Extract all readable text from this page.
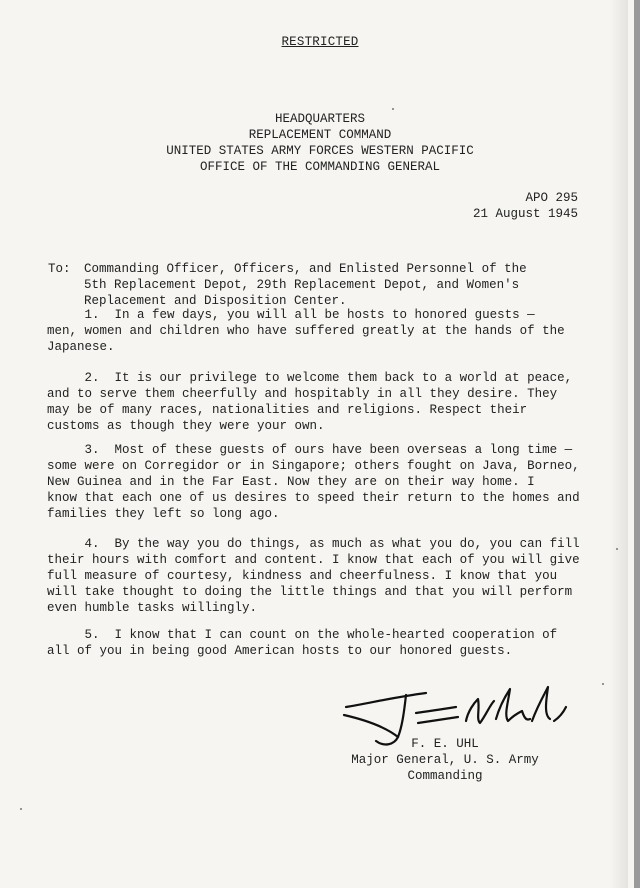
RESTRICTED
HEADQUARTERS
REPLACEMENT COMMAND
UNITED STATES ARMY FORCES WESTERN PACIFIC
OFFICE OF THE COMMANDING GENERAL
APO 295
21 August 1945
To: Commanding Officer, Officers, and Enlisted Personnel of the
5th Replacement Depot, 29th Replacement Depot, and Women's
Replacement and Disposition Center.
1.  In a few days, you will all be hosts to honored guests —
men, women and children who have suffered greatly at the hands of the
Japanese.
2.  It is our privilege to welcome them back to a world at peace,
and to serve them cheerfully and hospitably in all they desire. They
may be of many races, nationalities and religions. Respect their
customs as though they were your own.
3.  Most of these guests of ours have been overseas a long time —
some were on Corregidor or in Singapore; others fought on Java, Borneo,
New Guinea and in the Far East. Now they are on their way home. I
know that each one of us desires to speed their return to the homes and
families they left so long ago.
4.  By the way you do things, as much as what you do, you can fill
their hours with comfort and content. I know that each of you will give
full measure of courtesy, kindness and cheerfulness. I know that you
will take thought to doing the little things and that you will perform
even humble tasks willingly.
5.  I know that I can count on the whole-hearted cooperation of
all of you in being good American hosts to our honored guests.
F. E. UHL
Major General, U. S. Army
Commanding
